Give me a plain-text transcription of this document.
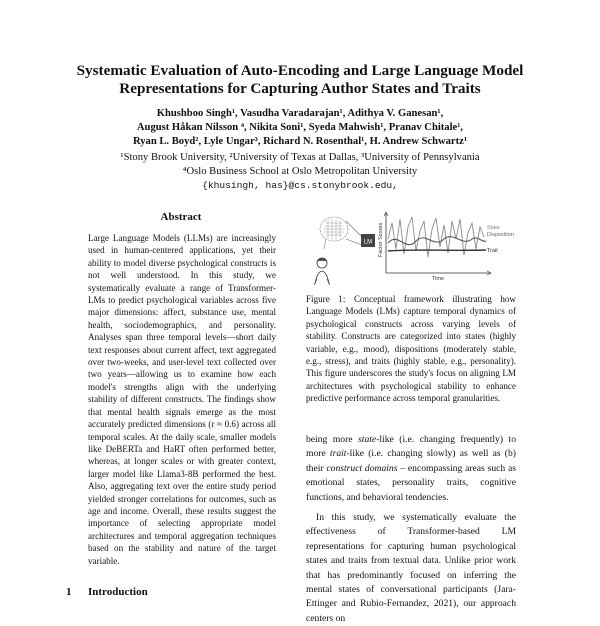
Systematic Evaluation of Auto-Encoding and Large Language Model Representations for Capturing Author States and Traits
Khushboo Singh¹, Vasudha Varadarajan¹, Adithya V. Ganesan¹,
August Håkan Nilsson ⁴, Nikita Soni¹, Syeda Mahwish¹, Pranav Chitale¹,
Ryan L. Boyd², Lyle Ungar³, Richard N. Rosenthal¹, H. Andrew Schwartz¹
¹Stony Brook University, ²University of Texas at Dallas, ³University of Pennsylvania
⁴Oslo Business School at Oslo Metropolitan University
{khusingh, has}@cs.stonybrook.edu,
Abstract
Large Language Models (LLMs) are increasingly used in human-centered applications, yet their ability to model diverse psychological constructs is not well understood. In this study, we systematically evaluate a range of Transformer-LMs to predict psychological variables across five major dimensions: affect, substance use, mental health, sociodemographics, and personality. Analyses span three temporal levels—short daily text responses about current affect, text aggregated over two-weeks, and user-level text collected over two years—allowing us to examine how each model's strengths align with the underlying stability of different constructs. The findings show that mental health signals emerge as the most accurately predicted dimensions (r ≈ 0.6) across all temporal scales. At the daily scale, smaller models like DeBERTa and HaRT often performed better, whereas, at longer scales or with greater context, larger model like Llama3-8B performed the best. Also, aggregating text over the entire study period yielded stronger correlations for outcomes, such as age and income. Overall, these results suggest the importance of selecting appropriate model architectures and temporal aggregation techniques based on the stability and nature of the target variable.
1 Introduction
LM Factor Scores
Time
State
Disposition
Trait
Figure 1: Conceptual framework illustrating how Language Models (LMs) capture temporal dynamics of psychological constructs across varying levels of stability. Constructs are categorized into states (highly variable, e.g., mood), dispositions (moderately stable, e.g., stress), and traits (highly stable, e.g., personality). This figure underscores the study's focus on aligning LM architectures with psychological stability to enhance predictive performance across temporal granularities.

being more state-like (i.e. changing frequently) to more trait-like (i.e. changing slowly) as well as (b) their construct domains – encompassing areas such as emotional states, personality traits, cognitive functions, and behavioral tendencies.

In this study, we systematically evaluate the effectiveness of Transformer-based LM representations for capturing human psychological states and traits from textual data. Unlike prior work that has predominantly focused on inferring the mental states of conversational participants (Jara-Ettinger and Rubio-Fernandez, 2021), our approach centers on
